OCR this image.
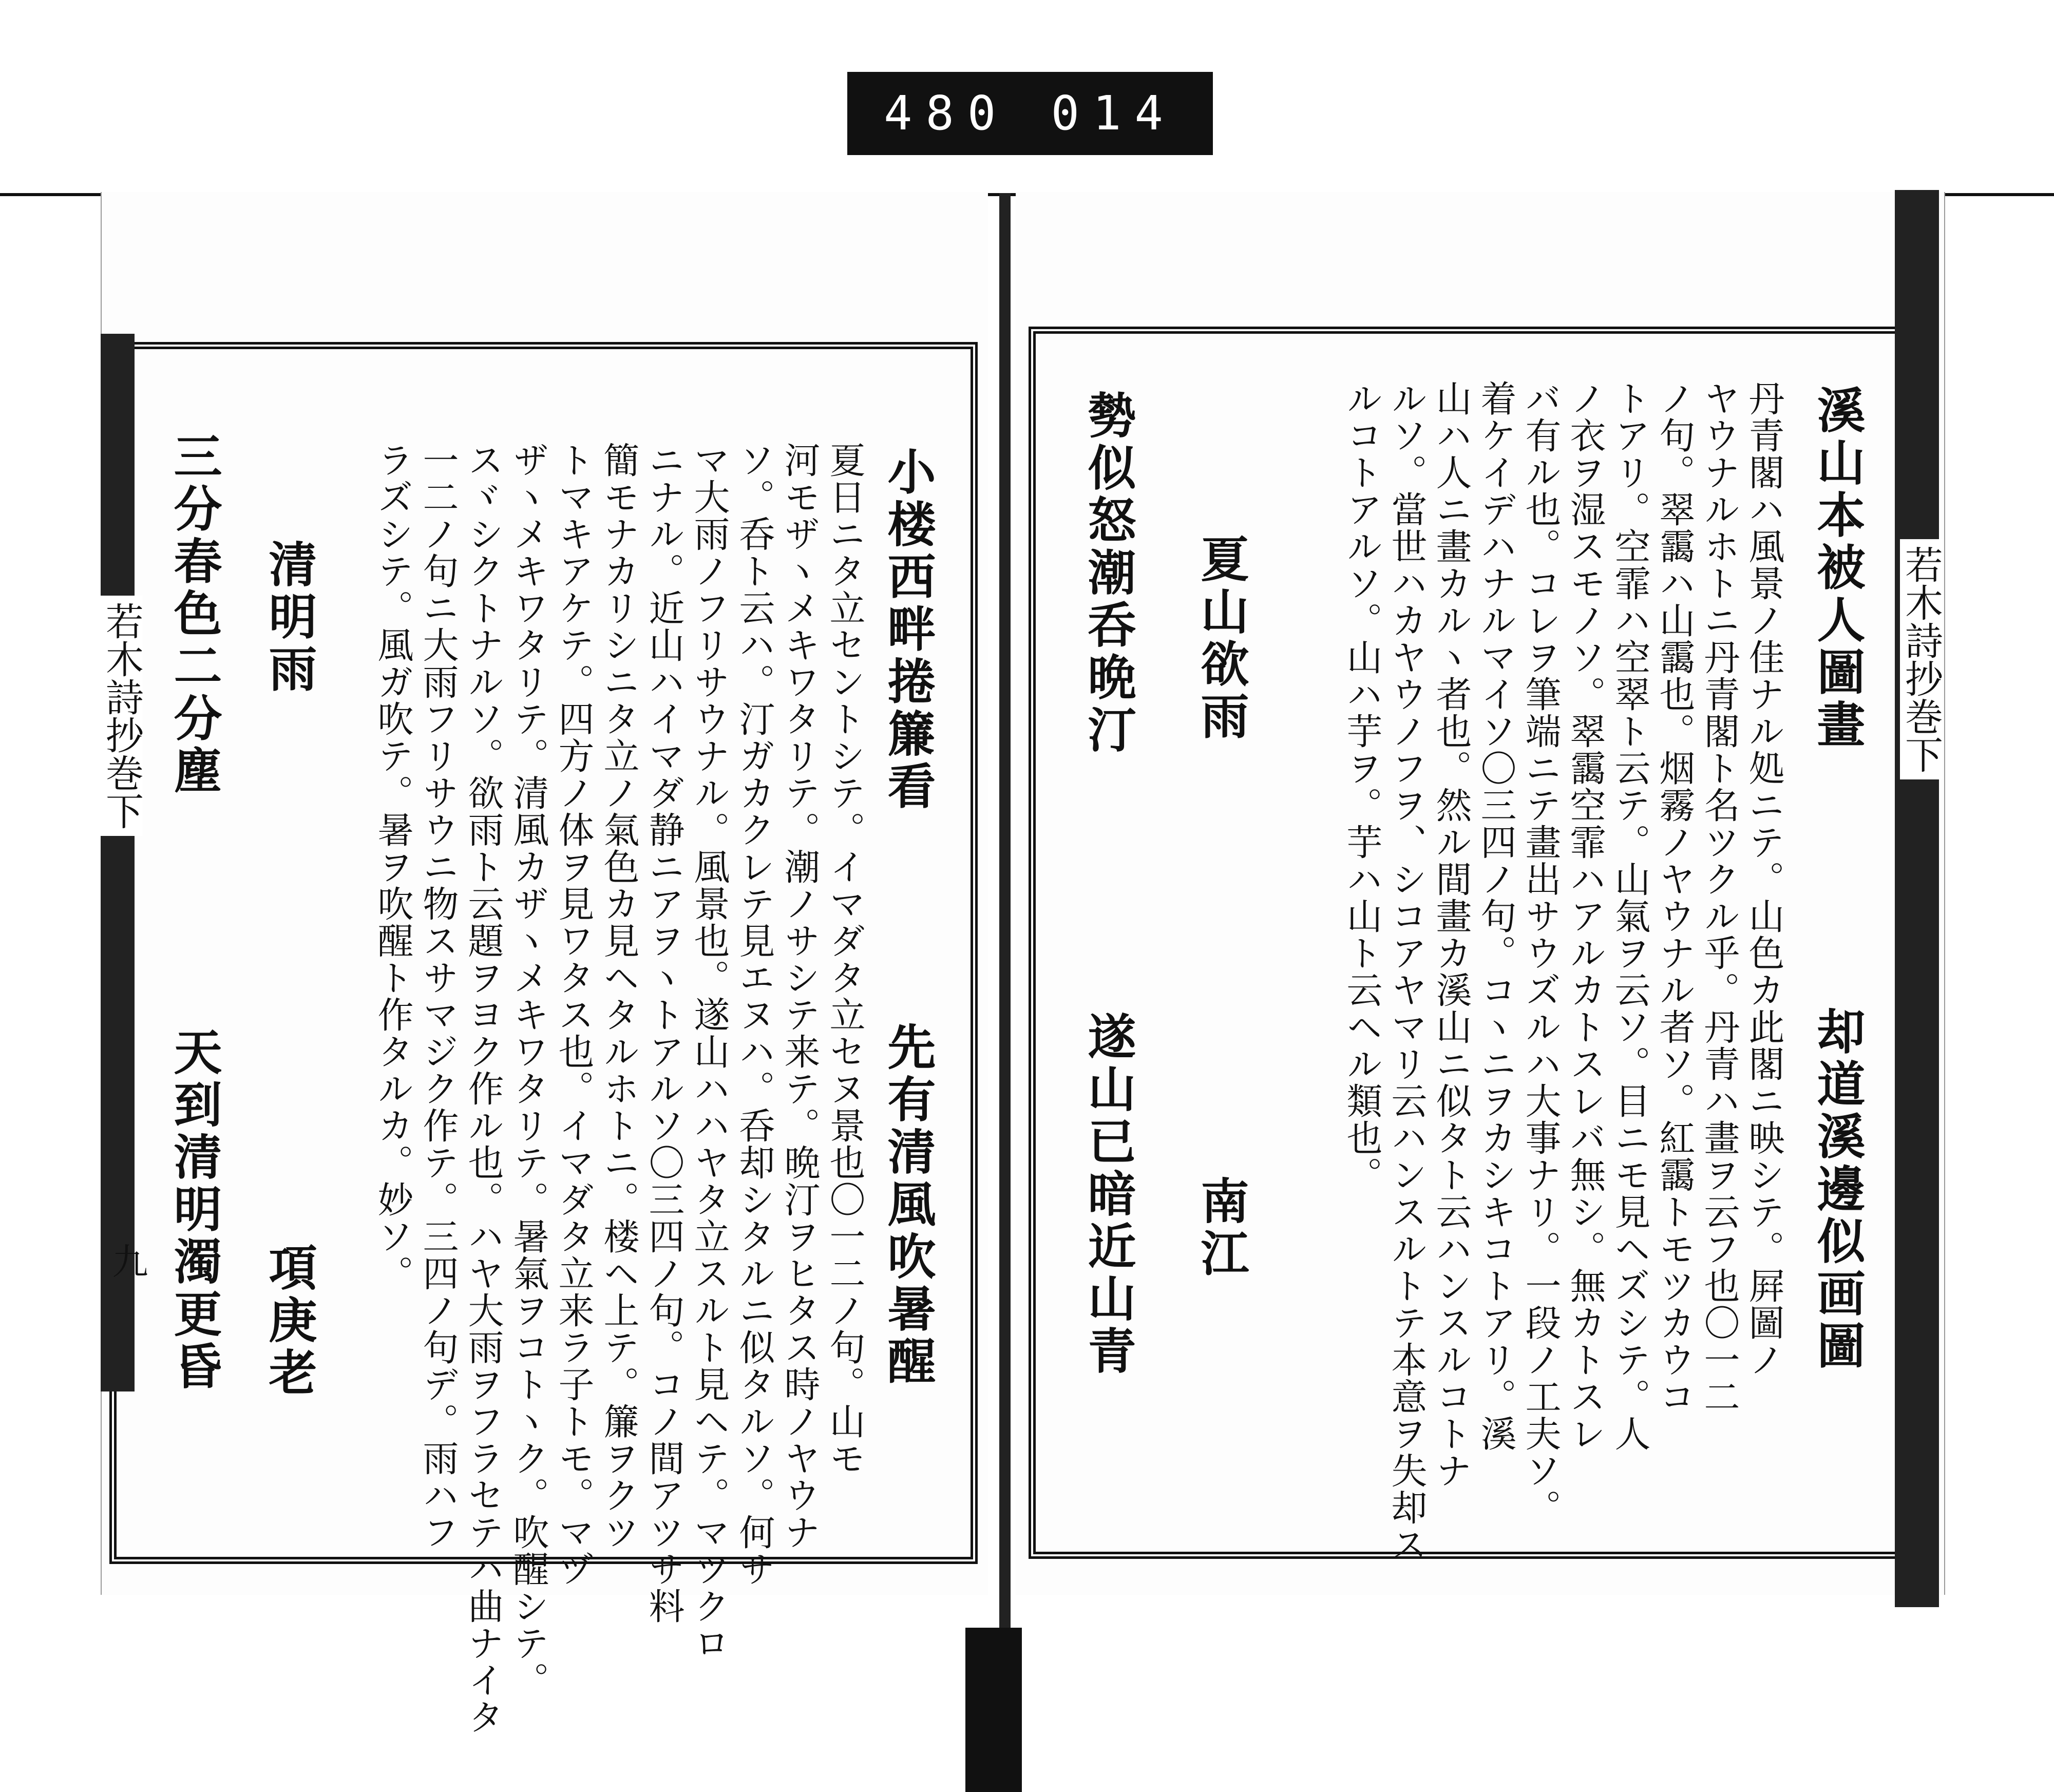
480 014
若木詩抄巻下
九
小楼西畔捲簾看
先有清風吹暑醒
夏日ニタ立セントシテ。イマダタ立セヌ景也〇一二ノ句。山モ
河モザヽメキワタリテ。潮ノサシテ来テ。晩汀ヲヒタス時ノヤウナ
ソ。呑ト云ハ。汀ガカクレテ見エヌハ。呑却シタルニ似タルソ。何サ
マ大雨ノフリサウナル。風景也。遂山ハハヤタ立スルト見ヘテ。マツクロ
ニナル。近山ハイマダ静ニアヲヽトアルソ〇三四ノ句。コノ間アツサ料
簡モナカリシニタ立ノ氣色カ見ヘタルホトニ。楼ヘ上テ。簾ヲクツ
トマキアケテ。四方ノ体ヲ見ワタス也。イマダタ立来ラ子トモ。マヅ
ザヽメキワタリテ。清風カザヽメキワタリテ。暑氣ヲコトヽク。吹醒シテ。
スヾシクトナルソ。欲雨ト云題ヲヨク作ル也。ハヤ大雨ヲフラセテハ曲ナイタ
一二ノ句ニ大雨フリサウニ物スサマジク作テ。三四ノ句デ。雨ハフ
ラズシテ。風ガ吹テ。暑ヲ吹醒ト作タルカ。妙ソ。
清明雨
項庚老
三分春色二分塵
天到清明濁更昏
若木詩抄巻下
溪山本被人圖畫
却道溪邊似画圖
丹青閣ハ風景ノ佳ナル処ニテ。山色カ此閣ニ映シテ。屛圖ノ
ヤウナルホトニ丹青閣ト名ツクル乎。丹青ハ畫ヲ云フ也〇一二
ノ句。翠靄ハ山靄也。烟霧ノヤウナル者ソ。紅靄トモツカウコ
トアリ。空霏ハ空翠ト云テ。山氣ヲ云ソ。目ニモ見ヘズシテ。人
ノ衣ヲ湿スモノソ。翠靄空霏ハアルカトスレバ無シ。無カトスレ
バ有ル也。コレヲ筆端ニテ畫出サウズルハ大事ナリ。一段ノ工夫ソ。
着ケイデハナルマイソ〇三四ノ句。コヽニヲカシキコトアリ。溪
山ハ人ニ畫カルヽ者也。然ル間畫カ溪山ニ似タト云ハンスルコトナ
ルソ。當世ハカヤウノフヲ、シコアヤマリ云ハンスルトテ本意ヲ失却ス
ルコトアルソ。山ハ芋ヲ。芋ハ山ト云ヘル類也。
夏山欲雨
南江
勢似怒潮呑晩汀
遂山已暗近山青
